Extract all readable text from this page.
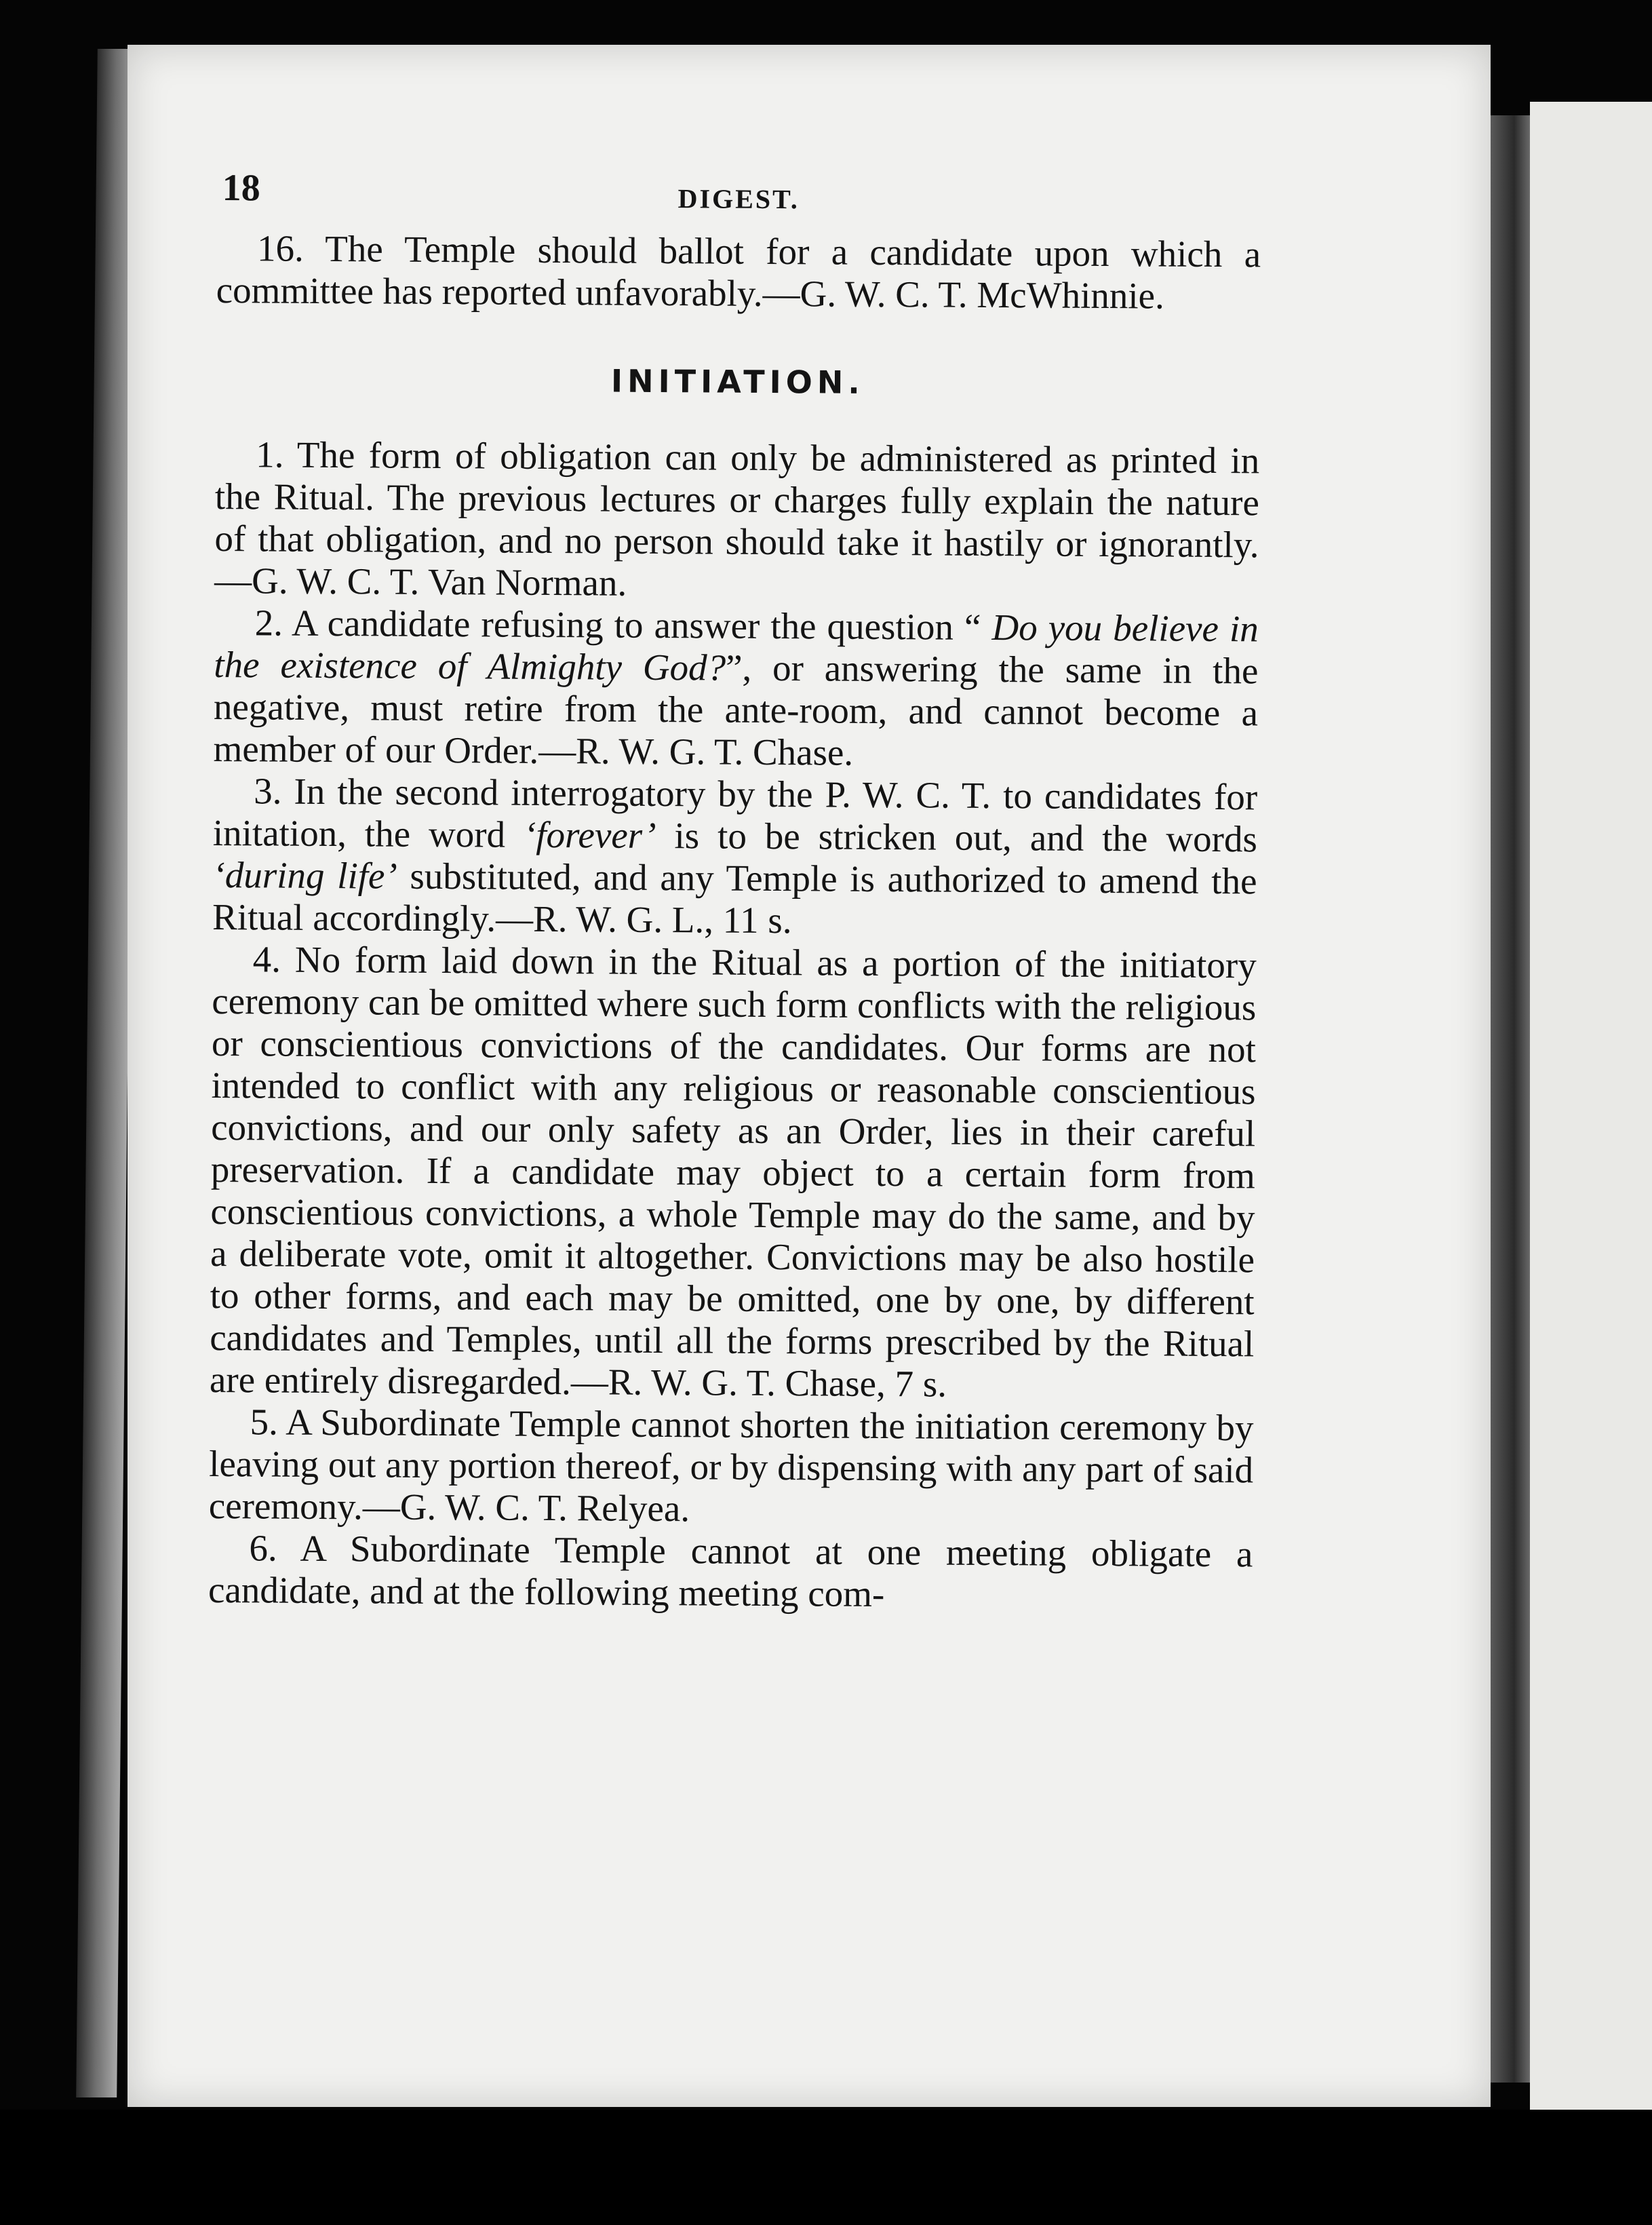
18	DIGEST.

16. The Temple should ballot for a candidate upon which a committee has reported unfavorably.—G. W. C. T. McWhinnie.

INITIATION.

1. The form of obligation can only be administered as printed in the Ritual. The previous lectures or charges fully explain the nature of that obligation, and no person should take it hastily or ignorantly.—G. W. C. T. Van Norman.

2. A candidate refusing to answer the question “ Do you believe in the existence of Almighty God?”, or answering the same in the negative, must retire from the ante-room, and cannot become a member of our Order.—R. W. G. T. Chase.

3. In the second interrogatory by the P. W. C. T. to candidates for initation, the word ‘forever’ is to be stricken out, and the words ‘during life’ substituted, and any Temple is authorized to amend the Ritual accordingly.—R. W. G. L., 11 s.

4. No form laid down in the Ritual as a portion of the initiatory ceremony can be omitted where such form conflicts with the religious or conscientious convictions of the candidates. Our forms are not intended to conflict with any religious or reasonable conscientious convictions, and our only safety as an Order, lies in their careful preservation. If a candidate may object to a certain form from conscientious convictions, a whole Temple may do the same, and by a deliberate vote, omit it altogether. Convictions may be also hostile to other forms, and each may be omitted, one by one, by different candidates and Temples, until all the forms prescribed by the Ritual are entirely disregarded.—R. W. G. T. Chase, 7 s.

5. A Subordinate Temple cannot shorten the initiation ceremony by leaving out any portion thereof, or by dispensing with any part of said ceremony.—G. W. C. T. Relyea.

6. A Subordinate Temple cannot at one meeting obligate a candidate, and at the following meeting com-
